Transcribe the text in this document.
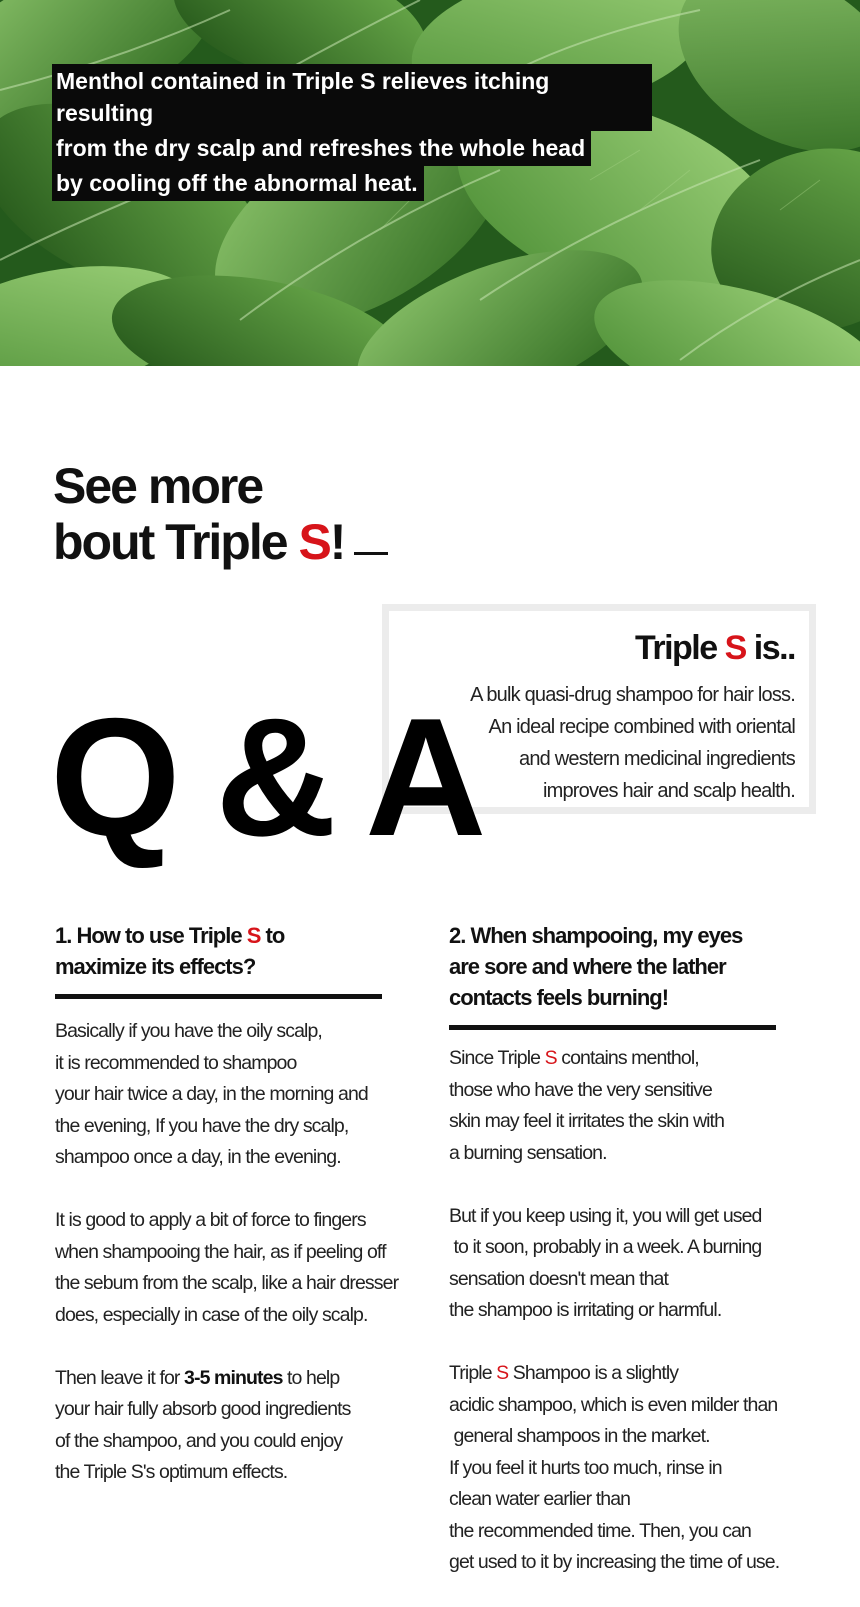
Menthol contained in Triple S relieves itching resulting
from the dry scalp and refreshes the whole head
by cooling off the abnormal heat.
See more
bout Triple S!
Triple S is..
A bulk quasi-drug shampoo for hair loss.
An ideal recipe combined with oriental
and western medicinal ingredients
improves hair and scalp health.
Q & A
1. How to use Triple S to
maximize its effects?
Basically if you have the oily scalp,
it is recommended to shampoo
your hair twice a day, in the morning and
the evening, If you have the dry scalp,
shampoo once a day, in the evening.
It is good to apply a bit of force to fingers
when shampooing the hair, as if peeling off
the sebum from the scalp, like a hair dresser
does, especially in case of the oily scalp.
Then leave it for 3-5 minutes to help
your hair fully absorb good ingredients
of the shampoo, and you could enjoy
the Triple S's optimum effects.
2. When shampooing, my eyes
are sore and where the lather
contacts feels burning!
Since Triple S contains menthol,
those who have the very sensitive
skin may feel it irritates the skin with
a burning sensation.
But if you keep using it, you will get used
to it soon, probably in a week. A burning
sensation doesn't mean that
the shampoo is irritating or harmful.
Triple S Shampoo is a slightly
acidic shampoo, which is even milder than
general shampoos in the market.
If you feel it hurts too much, rinse in
clean water earlier than
the recommended time. Then, you can
get used to it by increasing the time of use.
